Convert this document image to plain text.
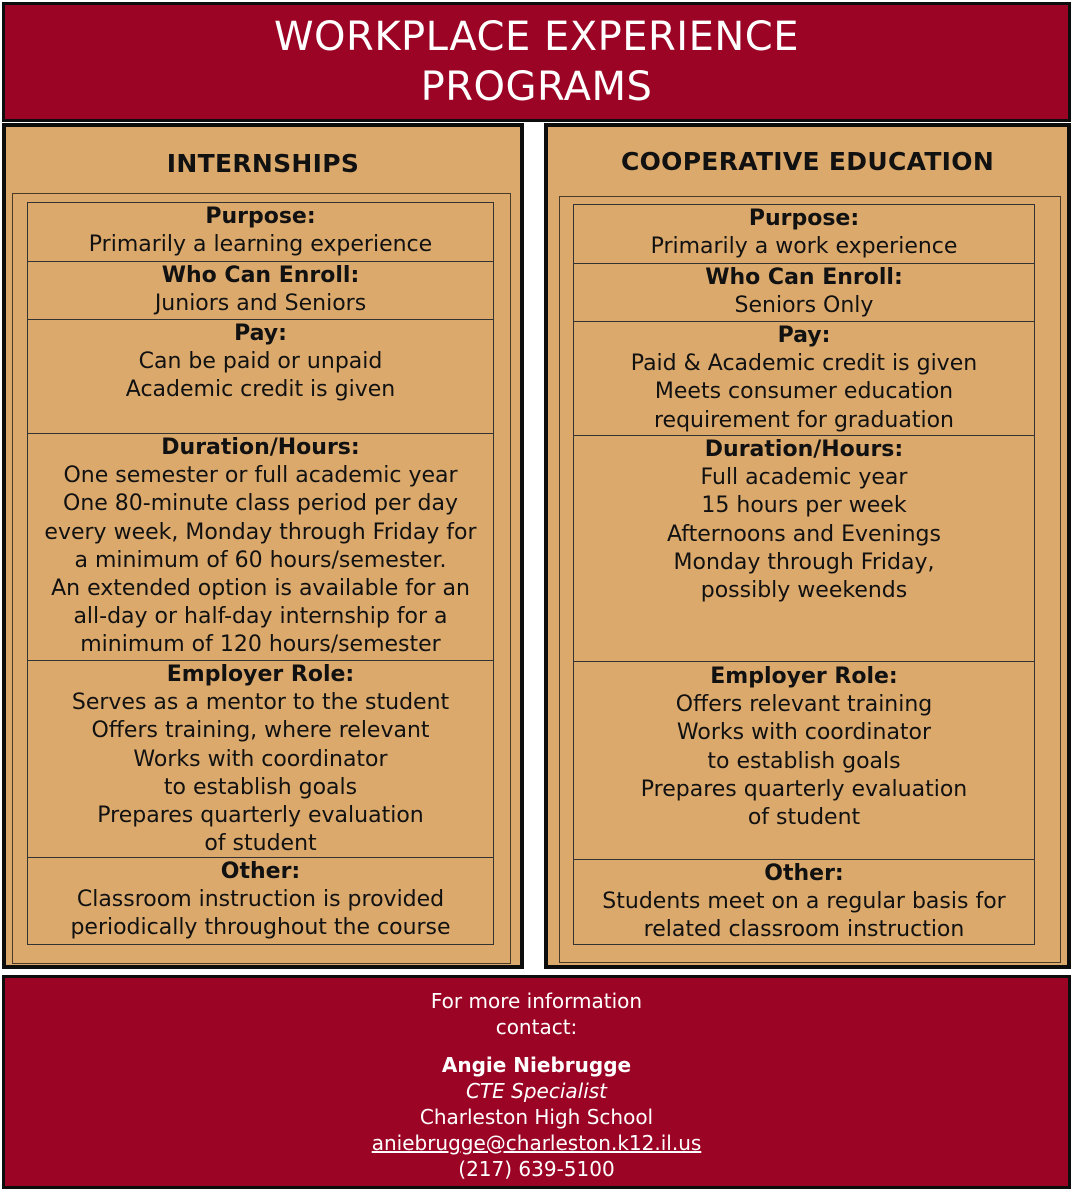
WORKPLACE EXPERIENCE PROGRAMS
INTERNSHIPS
Purpose:
Primarily a learning experience
Who Can Enroll:
Juniors and Seniors
Pay:
Can be paid or unpaid
Academic credit is given
Duration/Hours:
One semester or full academic year
One 80-minute class period per day
every week, Monday through Friday for
a minimum of 60 hours/semester.
An extended option is available for an
all-day or half-day internship for a
minimum of 120 hours/semester
Employer Role:
Serves as a mentor to the student
Offers training, where relevant
Works with coordinator
to establish goals
Prepares quarterly evaluation
of student
Other:
Classroom instruction is provided
periodically throughout the course
COOPERATIVE EDUCATION
Purpose:
Primarily a work experience
Who Can Enroll:
Seniors Only
Pay:
Paid & Academic credit is given
Meets consumer education
requirement for graduation
Duration/Hours:
Full academic year
15 hours per week
Afternoons and Evenings
Monday through Friday,
possibly weekends
Employer Role:
Offers relevant training
Works with coordinator
to establish goals
Prepares quarterly evaluation
of student
Other:
Students meet on a regular basis for
related classroom instruction
For more information
contact:
Angie Niebrugge
CTE Specialist
Charleston High School
aniebrugge@charleston.k12.il.us
(217) 639-5100
